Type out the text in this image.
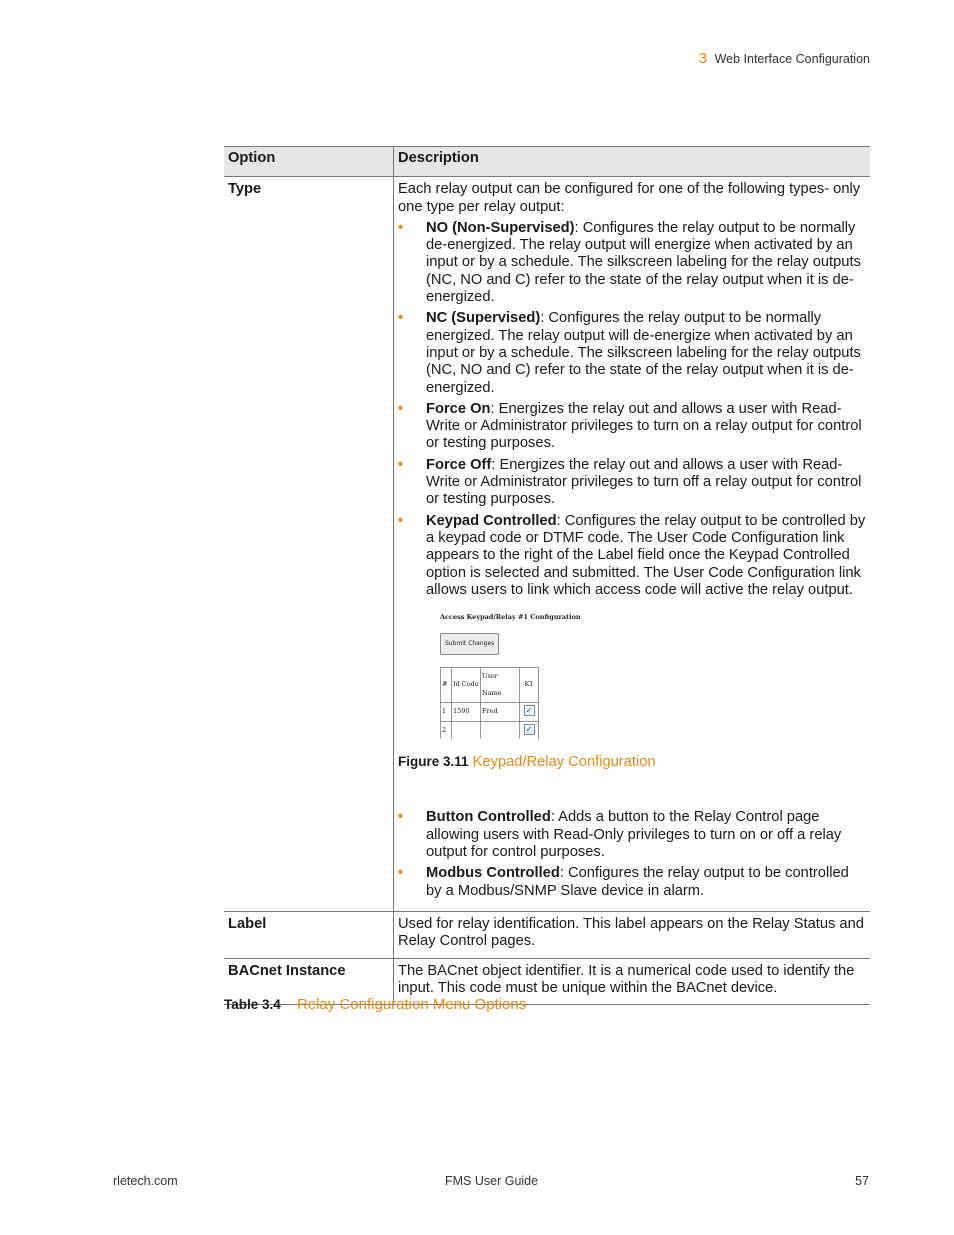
3 Web Interface Configuration
Option	Description
Type	Each relay output can be configured for one of the following types- only one type per relay output:
• NO (Non-Supervised): Configures the relay output to be normally de-energized. The relay output will energize when activated by an input or by a schedule. The silkscreen labeling for the relay outputs (NC, NO and C) refer to the state of the relay output when it is de-energized.
• NC (Supervised): Configures the relay output to be normally energized. The relay output will de-energize when activated by an input or by a schedule. The silkscreen labeling for the relay outputs (NC, NO and C) refer to the state of the relay output when it is de-energized.
• Force On: Energizes the relay out and allows a user with Read-Write or Administrator privileges to turn on a relay output for control or testing purposes.
• Force Off: Energizes the relay out and allows a user with Read-Write or Administrator privileges to turn off a relay output for control or testing purposes.
• Keypad Controlled: Configures the relay output to be controlled by a keypad code or DTMF code. The User Code Configuration link appears to the right of the Label field once the Keypad Controlled option is selected and submitted. The User Code Configuration link allows users to link which access code will active the relay output.
Access Keypad/Relay #1 Configuration
Submit Changes
#	Id Code	User Name	K1
1	1590	Fred	✓
2			✓

Figure 3.11 Keypad/Relay Configuration
• Button Controlled: Adds a button to the Relay Control page allowing users with Read-Only privileges to turn on or off a relay output for control purposes.
• Modbus Controlled: Configures the relay output to be controlled by a Modbus/SNMP Slave device in alarm.

Label	Used for relay identification. This label appears on the Relay Status and Relay Control pages.
BACnet Instance	The BACnet object identifier. It is a numerical code used to identify the input. This code must be unique within the BACnet device.
Table 3.4 Relay Configuration Menu Options
rletech.com	FMS User Guide	57
